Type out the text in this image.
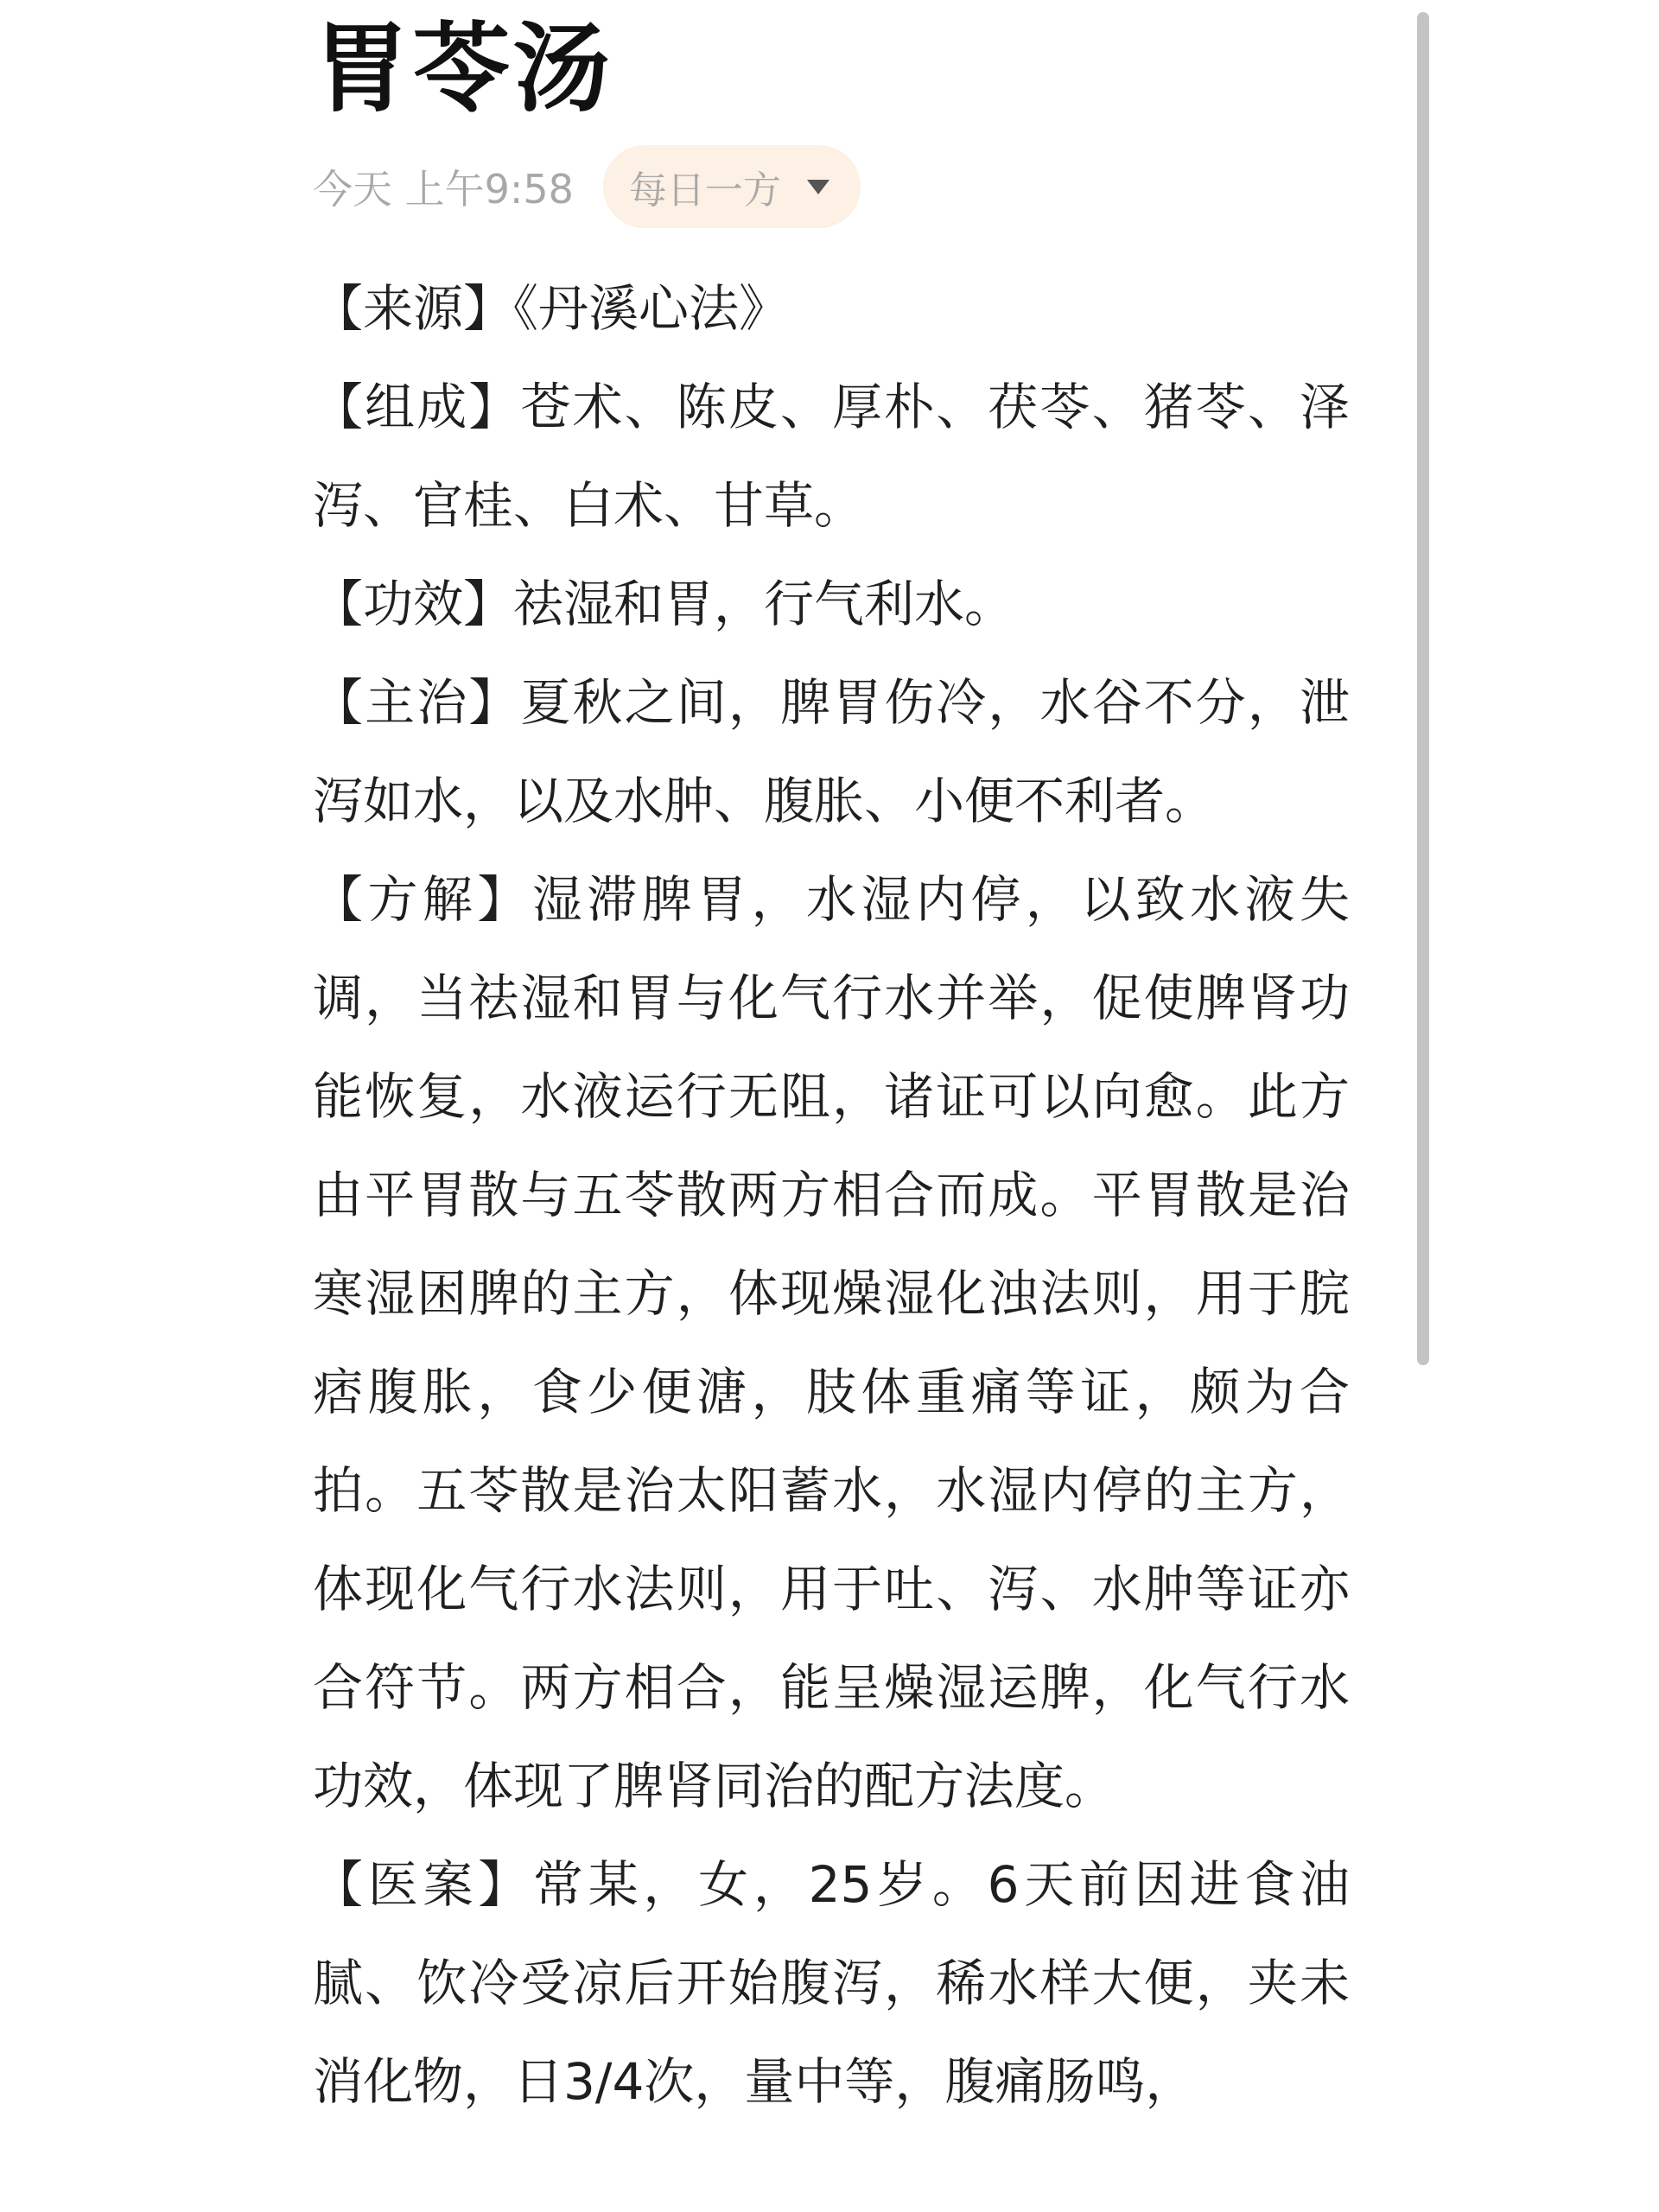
胃苓汤
今天 上午9:58 每日一方

【来源】《丹溪心法》

【组成】苍术、陈皮、厚朴、茯苓、猪苓、泽泻、官桂、白术、甘草。

【功效】祛湿和胃，行气利水。

【主治】夏秋之间，脾胃伤冷，水谷不分，泄泻如水，以及水肿、腹胀、小便不利者。

【方解】湿滞脾胃，水湿内停，以致水液失调，当祛湿和胃与化气行水并举，促使脾肾功能恢复，水液运行无阻，诸证可以向愈。此方由平胃散与五苓散两方相合而成。平胃散是治寒湿困脾的主方，体现燥湿化浊法则，用于脘痞腹胀，食少便溏，肢体重痛等证，颇为合拍。五苓散是治太阳蓄水，水湿内停的主方，体现化气行水法则，用于吐、泻、水肿等证亦合符节。两方相合，能呈燥湿运脾，化气行水功效，体现了脾肾同治的配方法度。

【医案】常某，女，25岁。6天前因进食油腻、饮冷受凉后开始腹泻，稀水样大便，夹未消化物，日3/4次，量中等，腹痛肠鸣，
